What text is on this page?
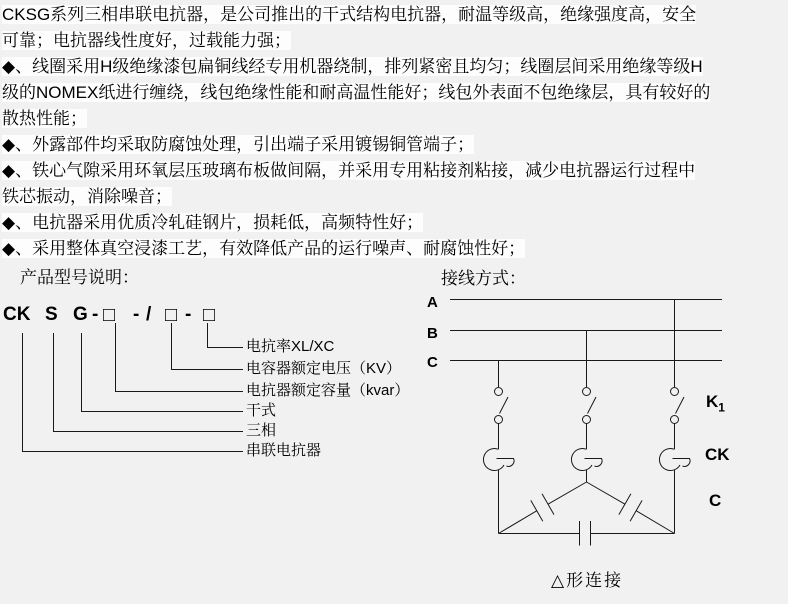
CKSG系列三相串联电抗器，是公司推出的干式结构电抗器，耐温等级高，绝缘强度高，安全
可靠；电抗器线性度好，过载能力强；
◆、线圈采用H级绝缘漆包扁铜线经专用机器绕制，排列紧密且均匀；线圈层间采用绝缘等级H
级的NOMEX纸进行缠绕，线包绝缘性能和耐高温性能好；线包外表面不包绝缘层，具有较好的
散热性能；
◆、外露部件均采取防腐蚀处理，引出端子采用镀锡铜管端子；
◆、铁心气隙采用环氧层压玻璃布板做间隔，并采用专用粘接剂粘接，减少电抗器运行过程中
铁芯振动，消除噪音；
◆、电抗器采用优质冷轧硅钢片，损耗低，高频特性好；
◆、采用整体真空浸漆工艺，有效降低产品的运行噪声、耐腐蚀性好；
产品型号说明：
CK S G - □ - / □ - □
电抗率XL/XC
电容器额定电压（KV）
电抗器额定容量（kvar）
干式
三相
串联电抗器
接线方式：
A
B
C
$K_1$
CK
C
△形连接
